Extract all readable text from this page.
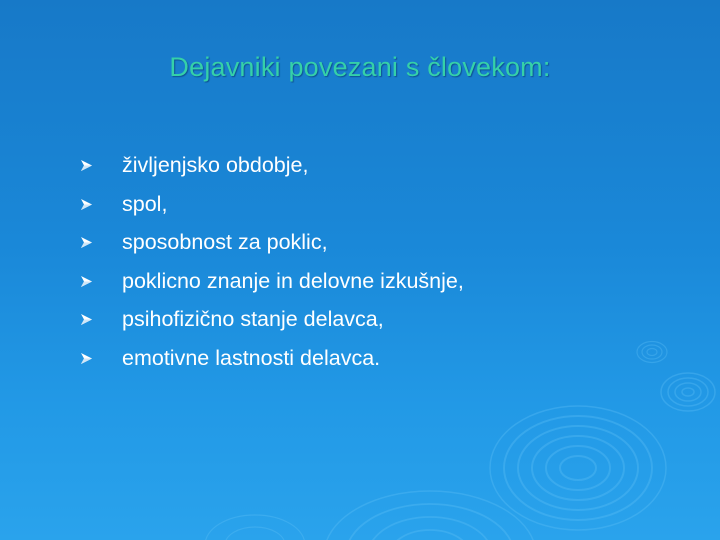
Dejavniki povezani s človekom:
življenjsko obdobje,
spol,
sposobnost za poklic,
poklicno znanje in delovne izkušnje,
psihofizično stanje delavca,
emotivne lastnosti delavca.
